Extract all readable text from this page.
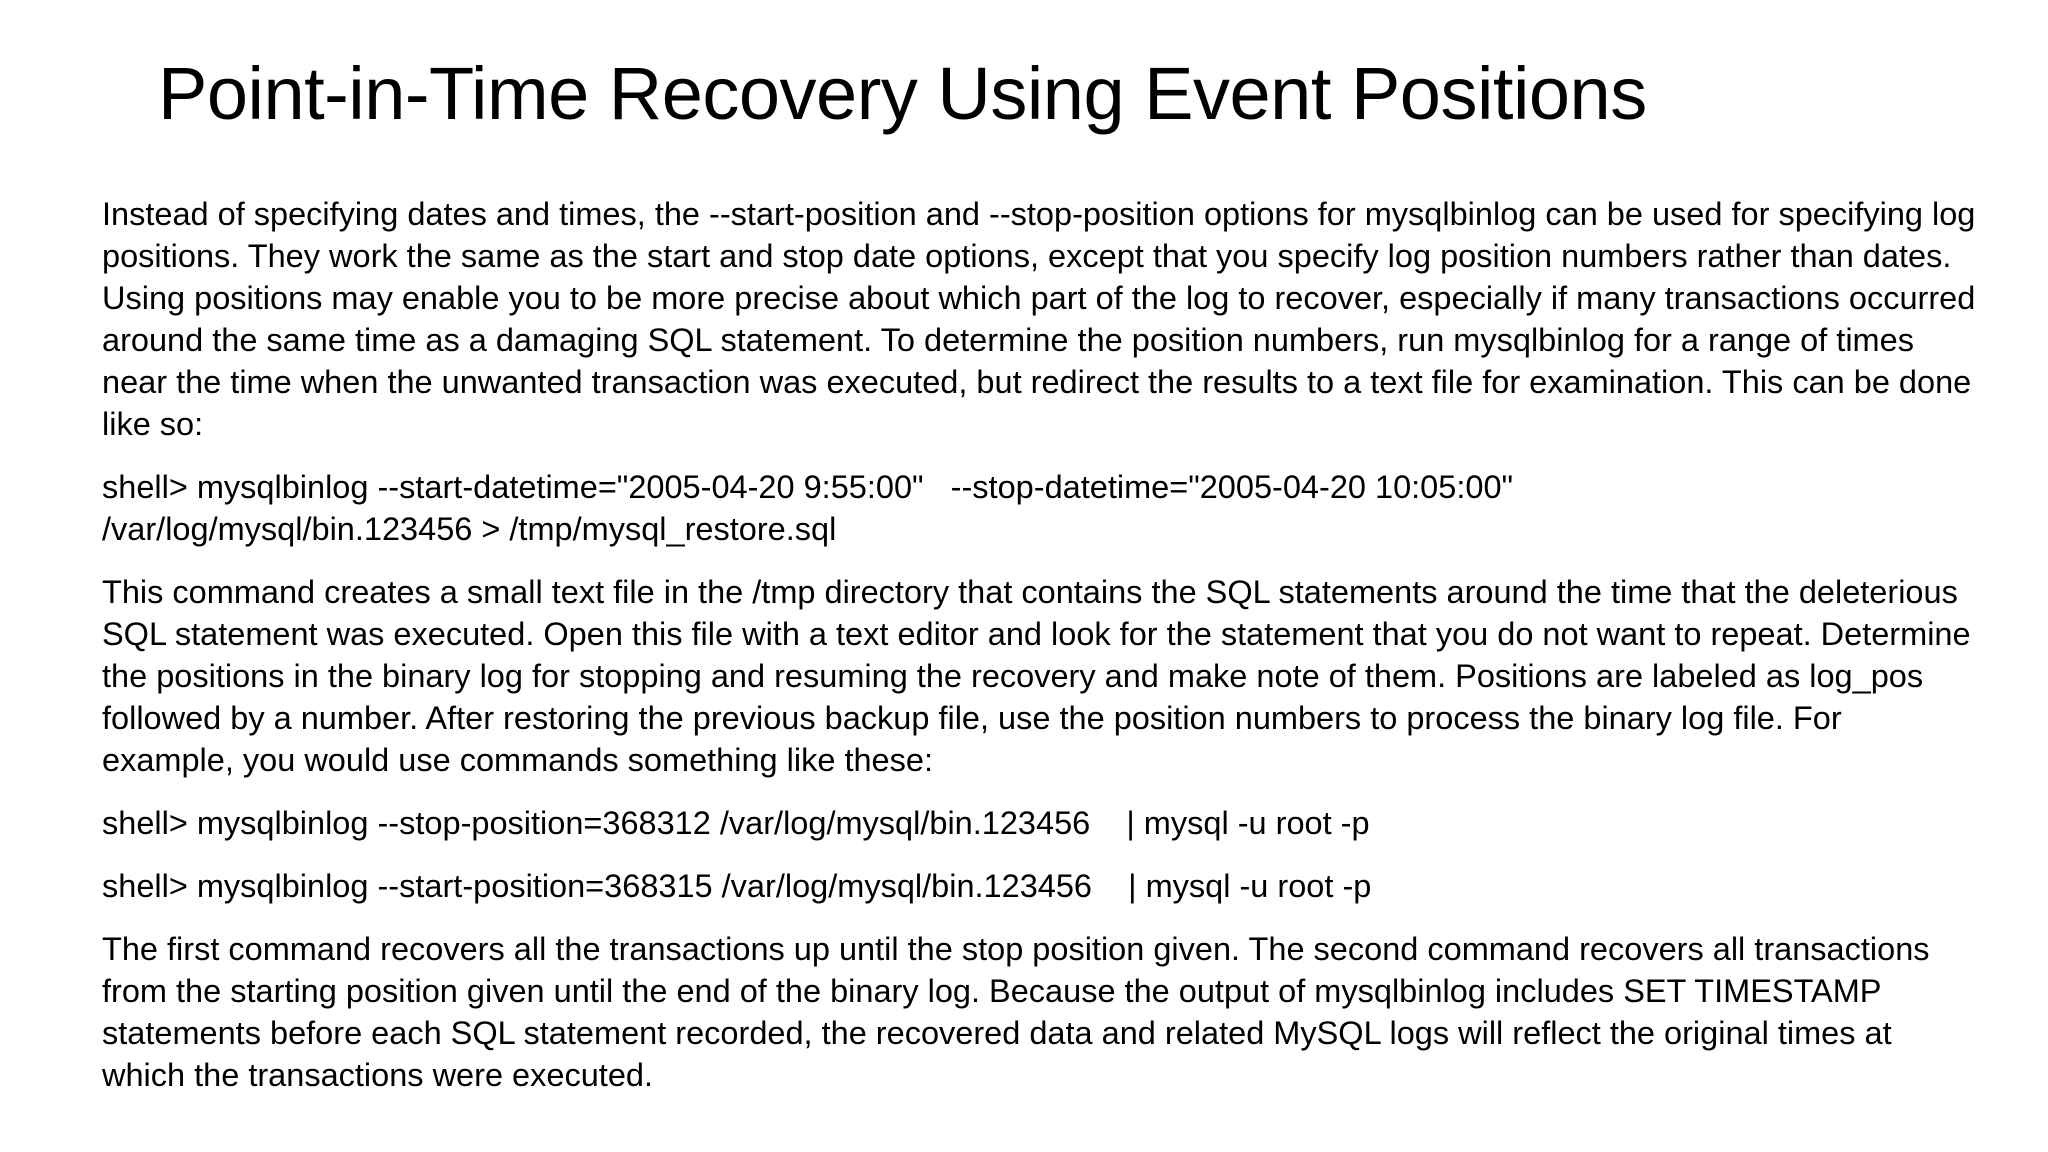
Point-in-Time Recovery Using Event Positions

Instead of specifying dates and times, the --start-position and --stop-position options for mysqlbinlog can be used for specifying log positions. They work the same as the start and stop date options, except that you specify log position numbers rather than dates. Using positions may enable you to be more precise about which part of the log to recover, especially if many transactions occurred around the same time as a damaging SQL statement. To determine the position numbers, run mysqlbinlog for a range of times near the time when the unwanted transaction was executed, but redirect the results to a text file for examination. This can be done like so:

shell> mysqlbinlog --start-datetime="2005-04-20 9:55:00"   --stop-datetime="2005-04-20 10:05:00"
/var/log/mysql/bin.123456 > /tmp/mysql_restore.sql

This command creates a small text file in the /tmp directory that contains the SQL statements around the time that the deleterious SQL statement was executed. Open this file with a text editor and look for the statement that you do not want to repeat. Determine the positions in the binary log for stopping and resuming the recovery and make note of them. Positions are labeled as log_pos followed by a number. After restoring the previous backup file, use the position numbers to process the binary log file. For example, you would use commands something like these:

shell> mysqlbinlog --stop-position=368312 /var/log/mysql/bin.123456    | mysql -u root -p
shell> mysqlbinlog --start-position=368315 /var/log/mysql/bin.123456    | mysql -u root -p

The first command recovers all the transactions up until the stop position given. The second command recovers all transactions from the starting position given until the end of the binary log. Because the output of mysqlbinlog includes SET TIMESTAMP statements before each SQL statement recorded, the recovered data and related MySQL logs will reflect the original times at which the transactions were executed.
